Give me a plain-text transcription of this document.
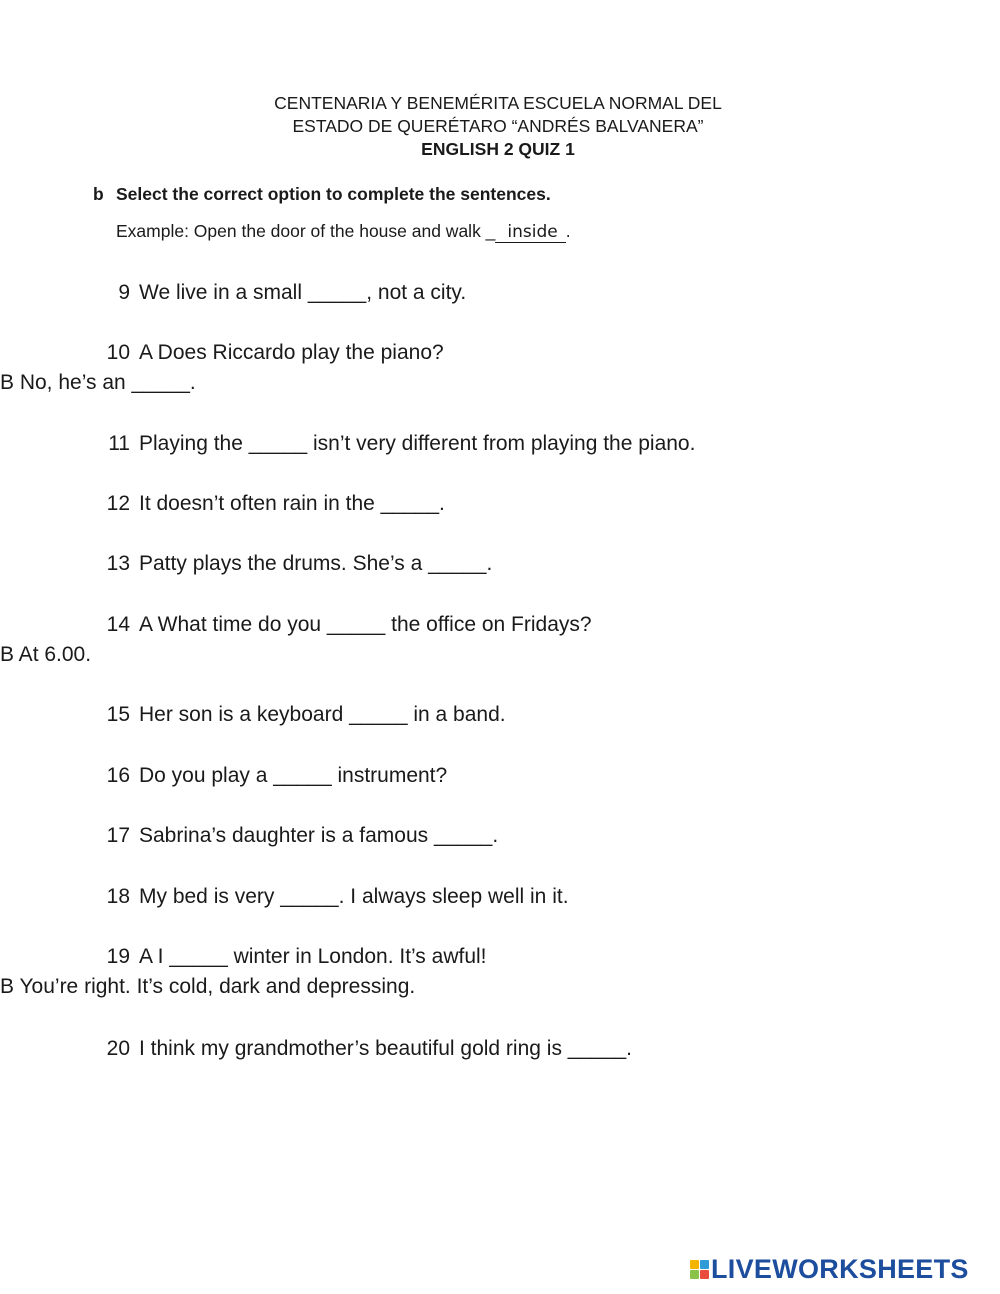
CENTENARIA Y BENEMÉRITA ESCUELA NORMAL DEL
ESTADO DE QUERÉTARO “ANDRÉS BALVANERA”
ENGLISH 2 QUIZ 1
b Select the correct option to complete the sentences.
Example: Open the door of the house and walk _ inside .
9 We live in a small _____, not a city.
10 A Does Riccardo play the piano?
B No, he’s an _____.
11 Playing the _____ isn’t very different from playing the piano.
12 It doesn’t often rain in the _____.
13 Patty plays the drums. She’s a _____.
14 A What time do you _____ the office on Fridays?
B At 6.00.
15 Her son is a keyboard _____ in a band.
16 Do you play a _____ instrument?
17 Sabrina’s daughter is a famous _____.
18 My bed is very _____. I always sleep well in it.
19 A I _____ winter in London. It’s awful!
B You’re right. It’s cold, dark and depressing.
20 I think my grandmother’s beautiful gold ring is _____.
LIVEWORKSHEETS
